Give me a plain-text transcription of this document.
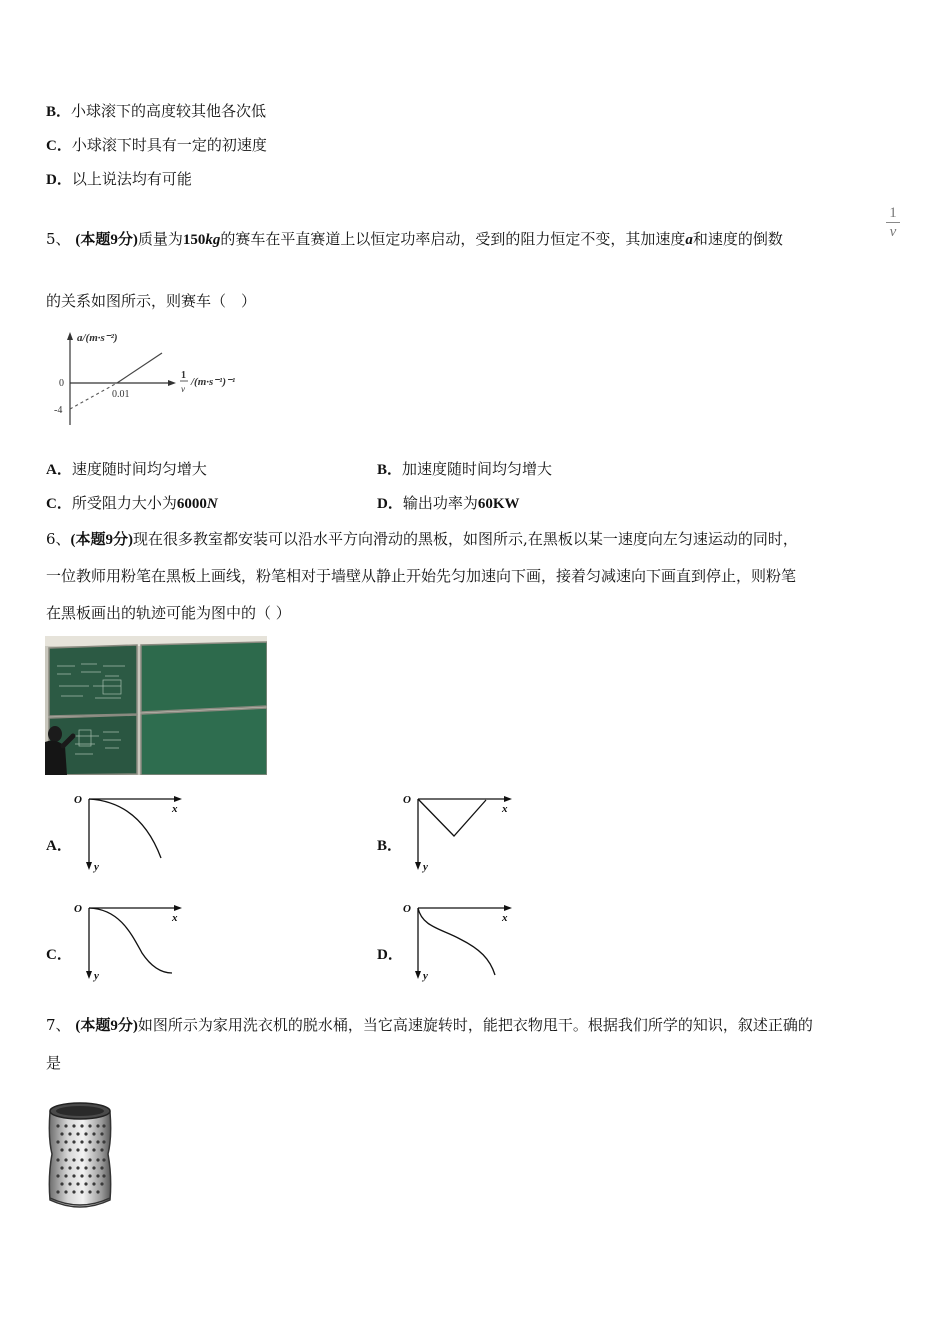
B．小球滚下的高度较其他各次低
C．小球滚下时具有一定的初速度
D．以上说法均有可能
5、 (本题9分)质量为150kg的赛车在平直赛道上以恒定功率启动，受到的阻力恒定不变，其加速度a和速度的倒数
1
v
的关系如图所示，则赛车（　）
a/(m·s⁻²)
0
-4
0.01
1
v
/(m·s⁻¹)⁻¹
A．速度随时间均匀增大	B．加速度随时间均匀增大
C．所受阻力大小为6000N	D．输出功率为60KW
6、(本题9分)现在很多教室都安装可以沿水平方向滑动的黑板，如图所示,在黑板以某一速度向左匀速运动的同时，
一位教师用粉笔在黑板上画线，粉笔相对于墙壁从静止开始先匀加速向下画，接着匀减速向下画直到停止，则粉笔
在黑板画出的轨迹可能为图中的（ ）
A．
O
x
y
B．
O
x
y
C．
O
x
y
D．
O
x
y
7、 (本题9分)如图所示为家用洗衣机的脱水桶，当它高速旋转时，能把衣物甩干。根据我们所学的知识，叙述正确的
是
